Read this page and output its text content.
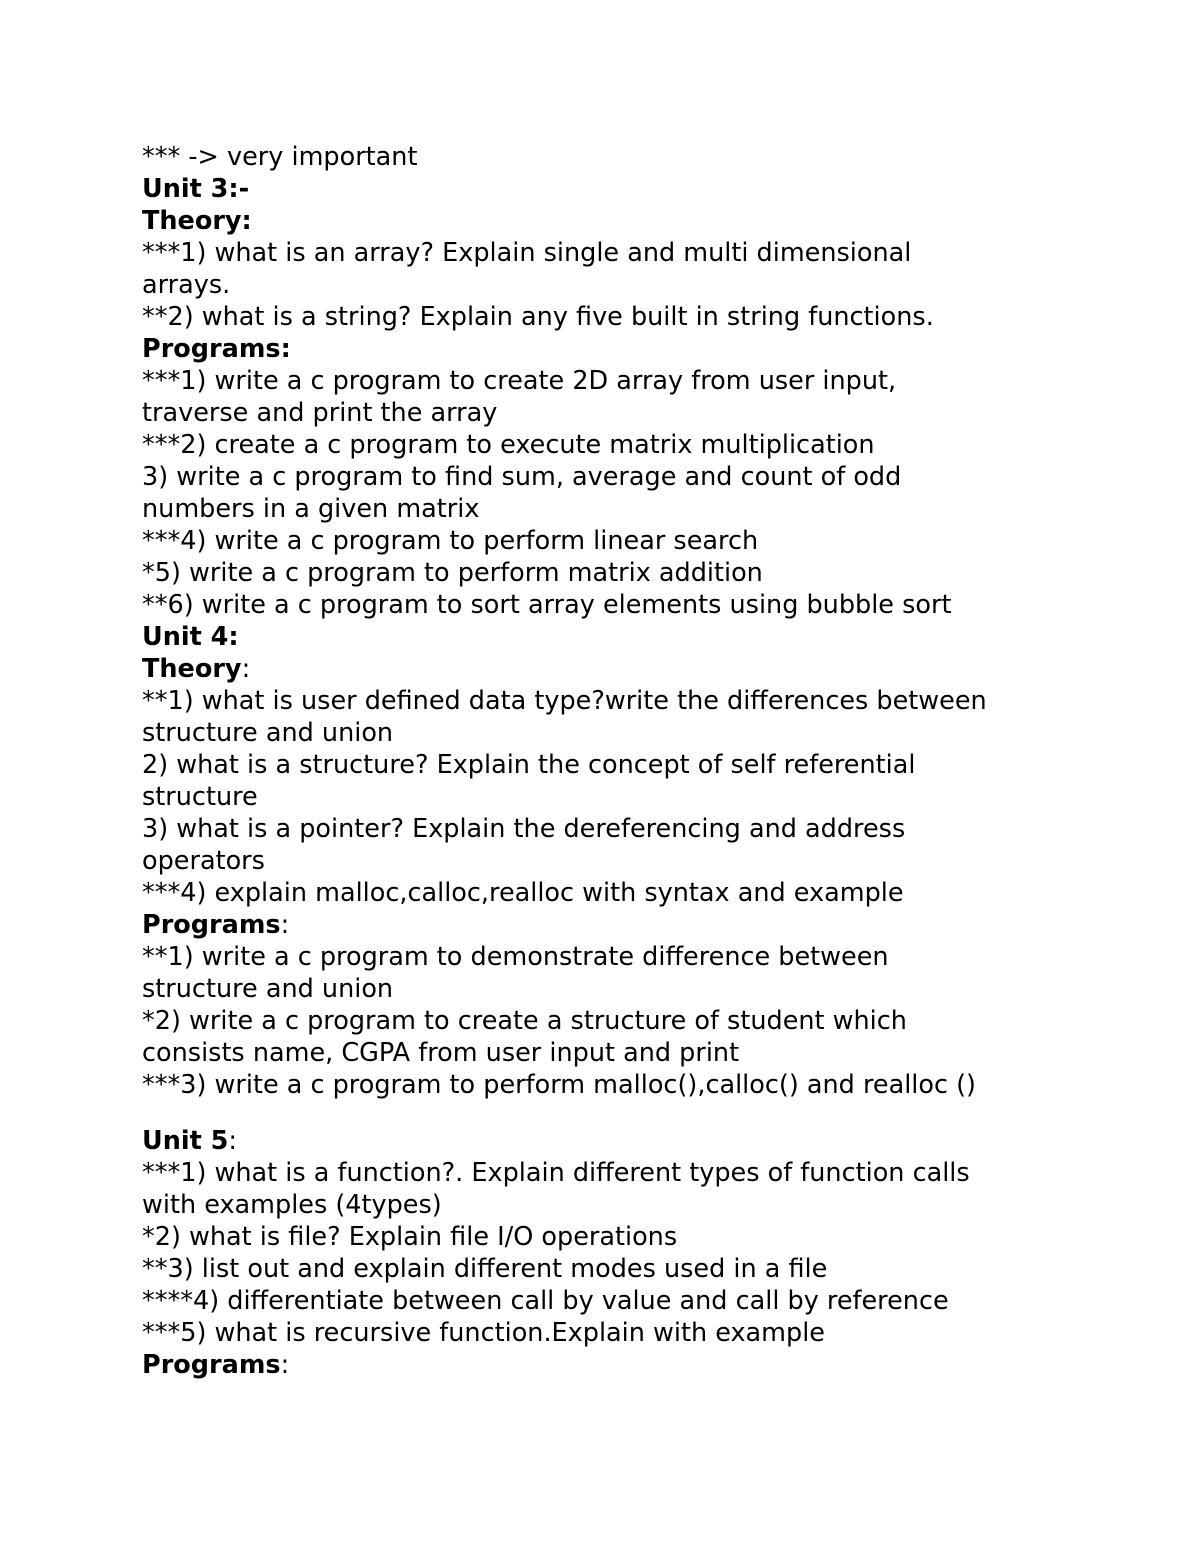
*** -> very important
Unit 3:-
Theory:
***1) what is an array? Explain single and multi dimensional
arrays.
**2) what is a string? Explain any five built in string functions.
Programs:
***1) write a c program to create 2D array from user input,
traverse and print the array
***2) create a c program to execute matrix multiplication
3) write a c program to find sum, average and count of odd
numbers in a given matrix
***4) write a c program to perform linear search
*5) write a c program to perform matrix addition
**6) write a c program to sort array elements using bubble sort
Unit 4:
Theory:
**1) what is user defined data type?write the differences between
structure and union
2) what is a structure? Explain the concept of self referential
structure
3) what is a pointer? Explain the dereferencing and address
operators
***4) explain malloc,calloc,realloc with syntax and example
Programs:
**1) write a c program to demonstrate difference between
structure and union
*2) write a c program to create a structure of student which
consists name, CGPA from user input and print
***3) write a c program to perform malloc(),calloc() and realloc ()
Unit 5:
***1) what is a function?. Explain different types of function calls
with examples (4types)
*2) what is file? Explain file I/O operations
**3) list out and explain different modes used in a file
****4) differentiate between call by value and call by reference
***5) what is recursive function.Explain with example
Programs:
